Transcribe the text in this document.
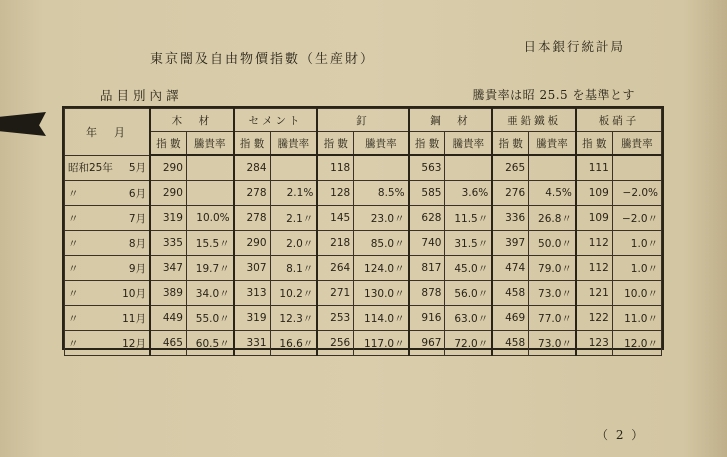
東京闇及自由物價指數（生産財）
日本銀行統計局
品目別內譯	騰貴率は昭 25.5 を基準とす
年　月	木　材		セメント		釘		鋼　材		亜鉛鐵板		板硝子	
	指 數	騰貴率	指 數	騰貴率	指 數	騰貴率	指 數	騰貴率	指 數	騰貴率	指 數	騰貴率

昭和25年 5月	290		284		118		563		265		111	

〃 6月	290		278	2.1%	128	8.5%	585	3.6%	276	4.5%	109	−2.0%

〃 7月	319	10.0%	278	2.1〃	145	23.0〃	628	11.5〃	336	26.8〃	109	−2.0〃

〃 8月	335	15.5〃	290	2.0〃	218	85.0〃	740	31.5〃	397	50.0〃	112	1.0〃

〃 9月	347	19.7〃	307	8.1〃	264	124.0〃	817	45.0〃	474	79.0〃	112	1.0〃

〃 10月	389	34.0〃	313	10.2〃	271	130.0〃	878	56.0〃	458	73.0〃	121	10.0〃

〃 11月	449	55.0〃	319	12.3〃	253	114.0〃	916	63.0〃	469	77.0〃	122	11.0〃

〃 12月	465	60.5〃	331	16.6〃	256	117.0〃	967	72.0〃	458	73.0〃	123	12.0〃
（ 2 ）
